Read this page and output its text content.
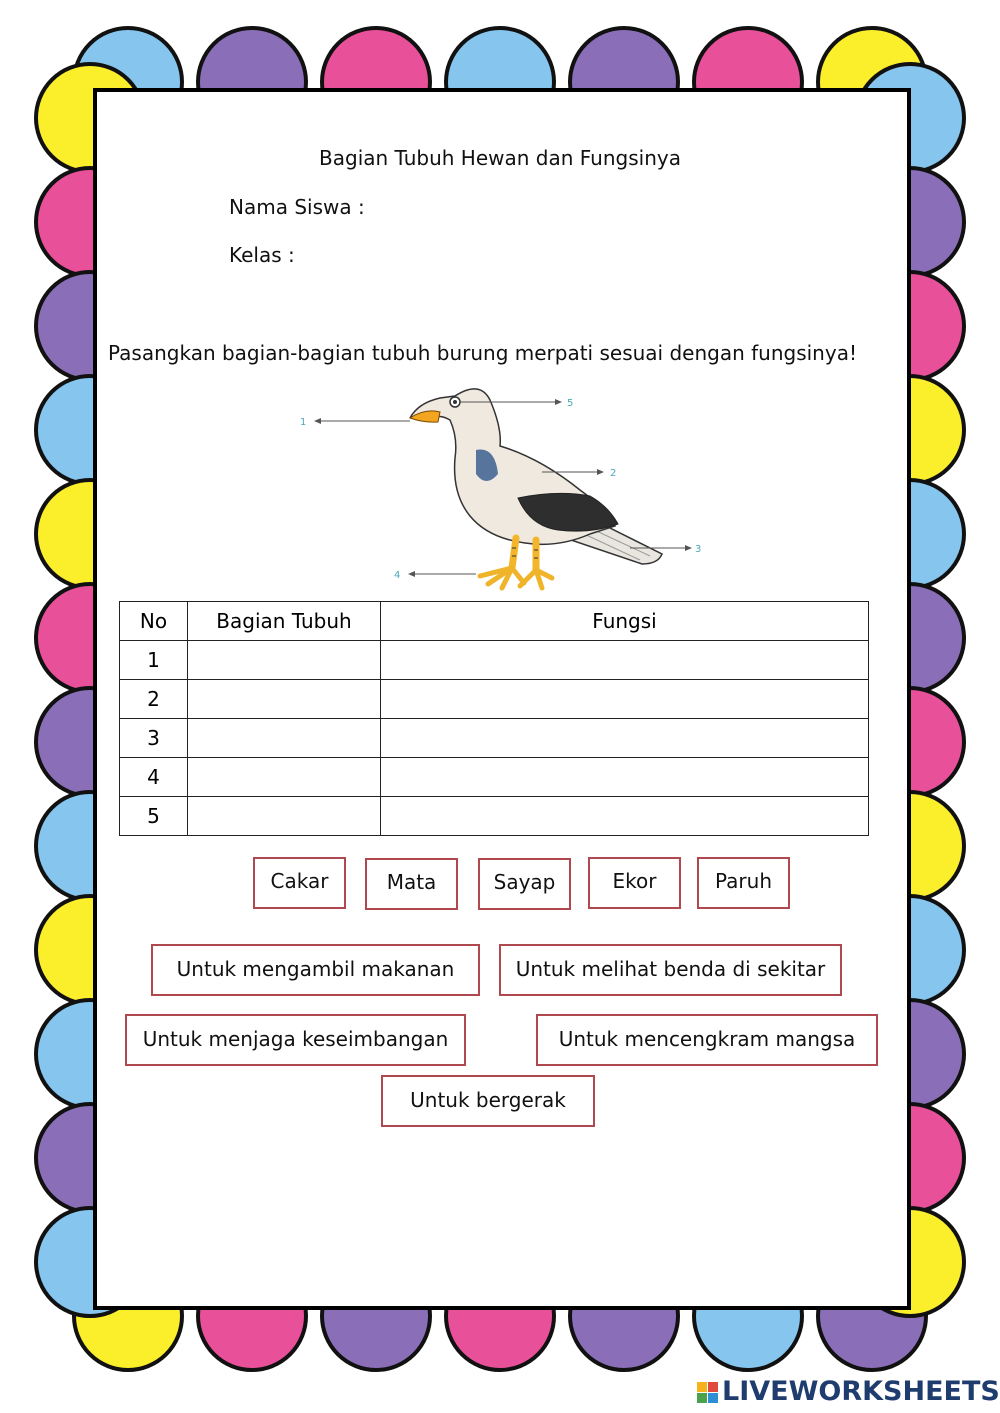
Bagian Tubuh Hewan dan Fungsinya
Nama Siswa :
Kelas :
Pasangkan bagian-bagian tubuh burung merpati sesuai dengan fungsinya!
1
5
2
3
4
No	Bagian Tubuh	Fungsi
1		
2		
3		
4		
5		
Cakar	Mata	Sayap	Ekor	Paruh
Untuk mengambil makanan	Untuk melihat benda di sekitar
Untuk menjaga keseimbangan	Untuk mencengkram mangsa
Untuk bergerak
LIVEWORKSHEETS
